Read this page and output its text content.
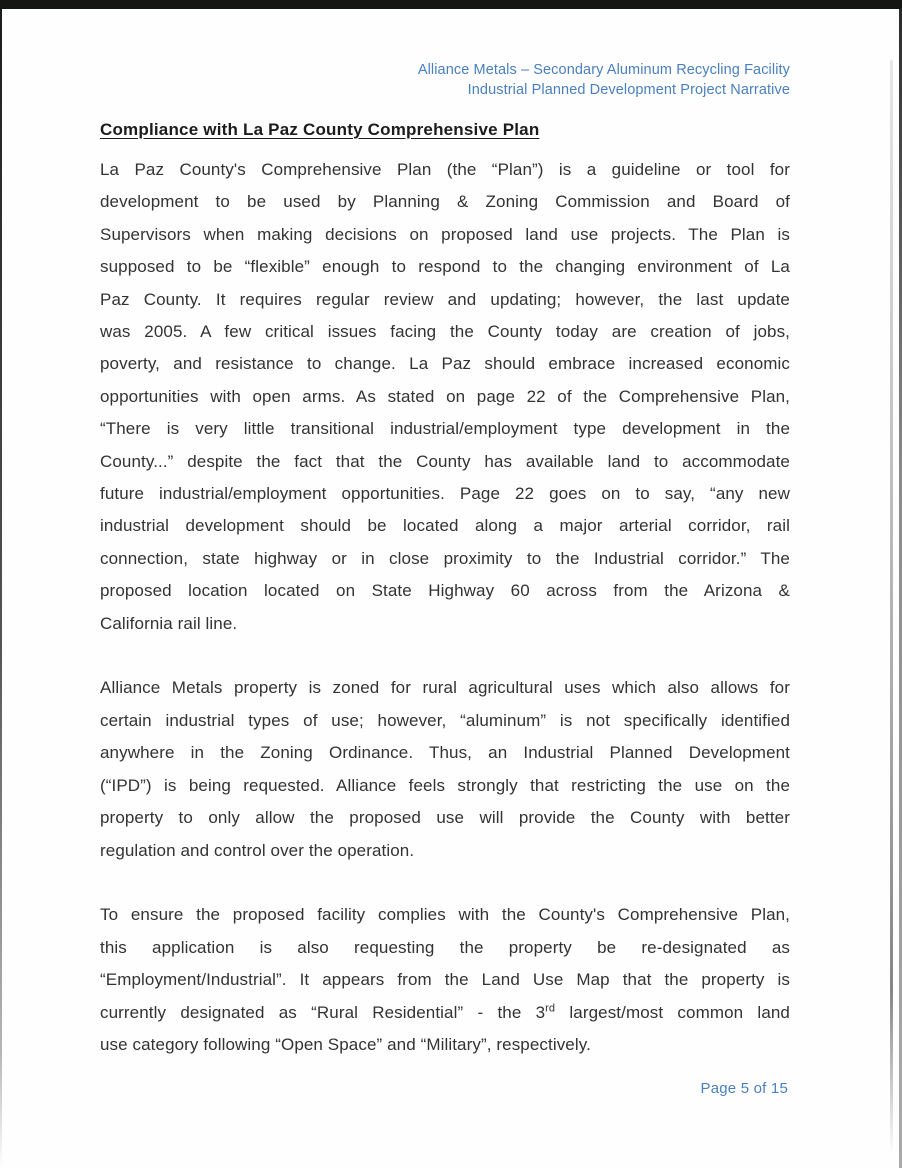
Alliance Metals – Secondary Aluminum Recycling Facility
Industrial Planned Development Project Narrative
Compliance with La Paz County Comprehensive Plan
La Paz County's Comprehensive Plan (the “Plan”) is a guideline or tool for
development to be used by Planning & Zoning Commission and Board of
Supervisors when making decisions on proposed land use projects. The Plan is
supposed to be “flexible” enough to respond to the changing environment of La
Paz County. It requires regular review and updating; however, the last update
was 2005. A few critical issues facing the County today are creation of jobs,
poverty, and resistance to change. La Paz should embrace increased economic
opportunities with open arms. As stated on page 22 of the Comprehensive Plan,
“There is very little transitional industrial/employment type development in the
County...” despite the fact that the County has available land to accommodate
future industrial/employment opportunities. Page 22 goes on to say, “any new
industrial development should be located along a major arterial corridor, rail
connection, state highway or in close proximity to the Industrial corridor.” The
proposed location located on State Highway 60 across from the Arizona &
California rail line.
Alliance Metals property is zoned for rural agricultural uses which also allows for
certain industrial types of use; however, “aluminum” is not specifically identified
anywhere in the Zoning Ordinance. Thus, an Industrial Planned Development
(“IPD”) is being requested. Alliance feels strongly that restricting the use on the
property to only allow the proposed use will provide the County with better
regulation and control over the operation.
To ensure the proposed facility complies with the County's Comprehensive Plan,
this application is also requesting the property be re-designated as
“Employment/Industrial”. It appears from the Land Use Map that the property is
currently designated as “Rural Residential” - the 3rd largest/most common land
use category following “Open Space” and “Military”, respectively.
Page 5 of 15
